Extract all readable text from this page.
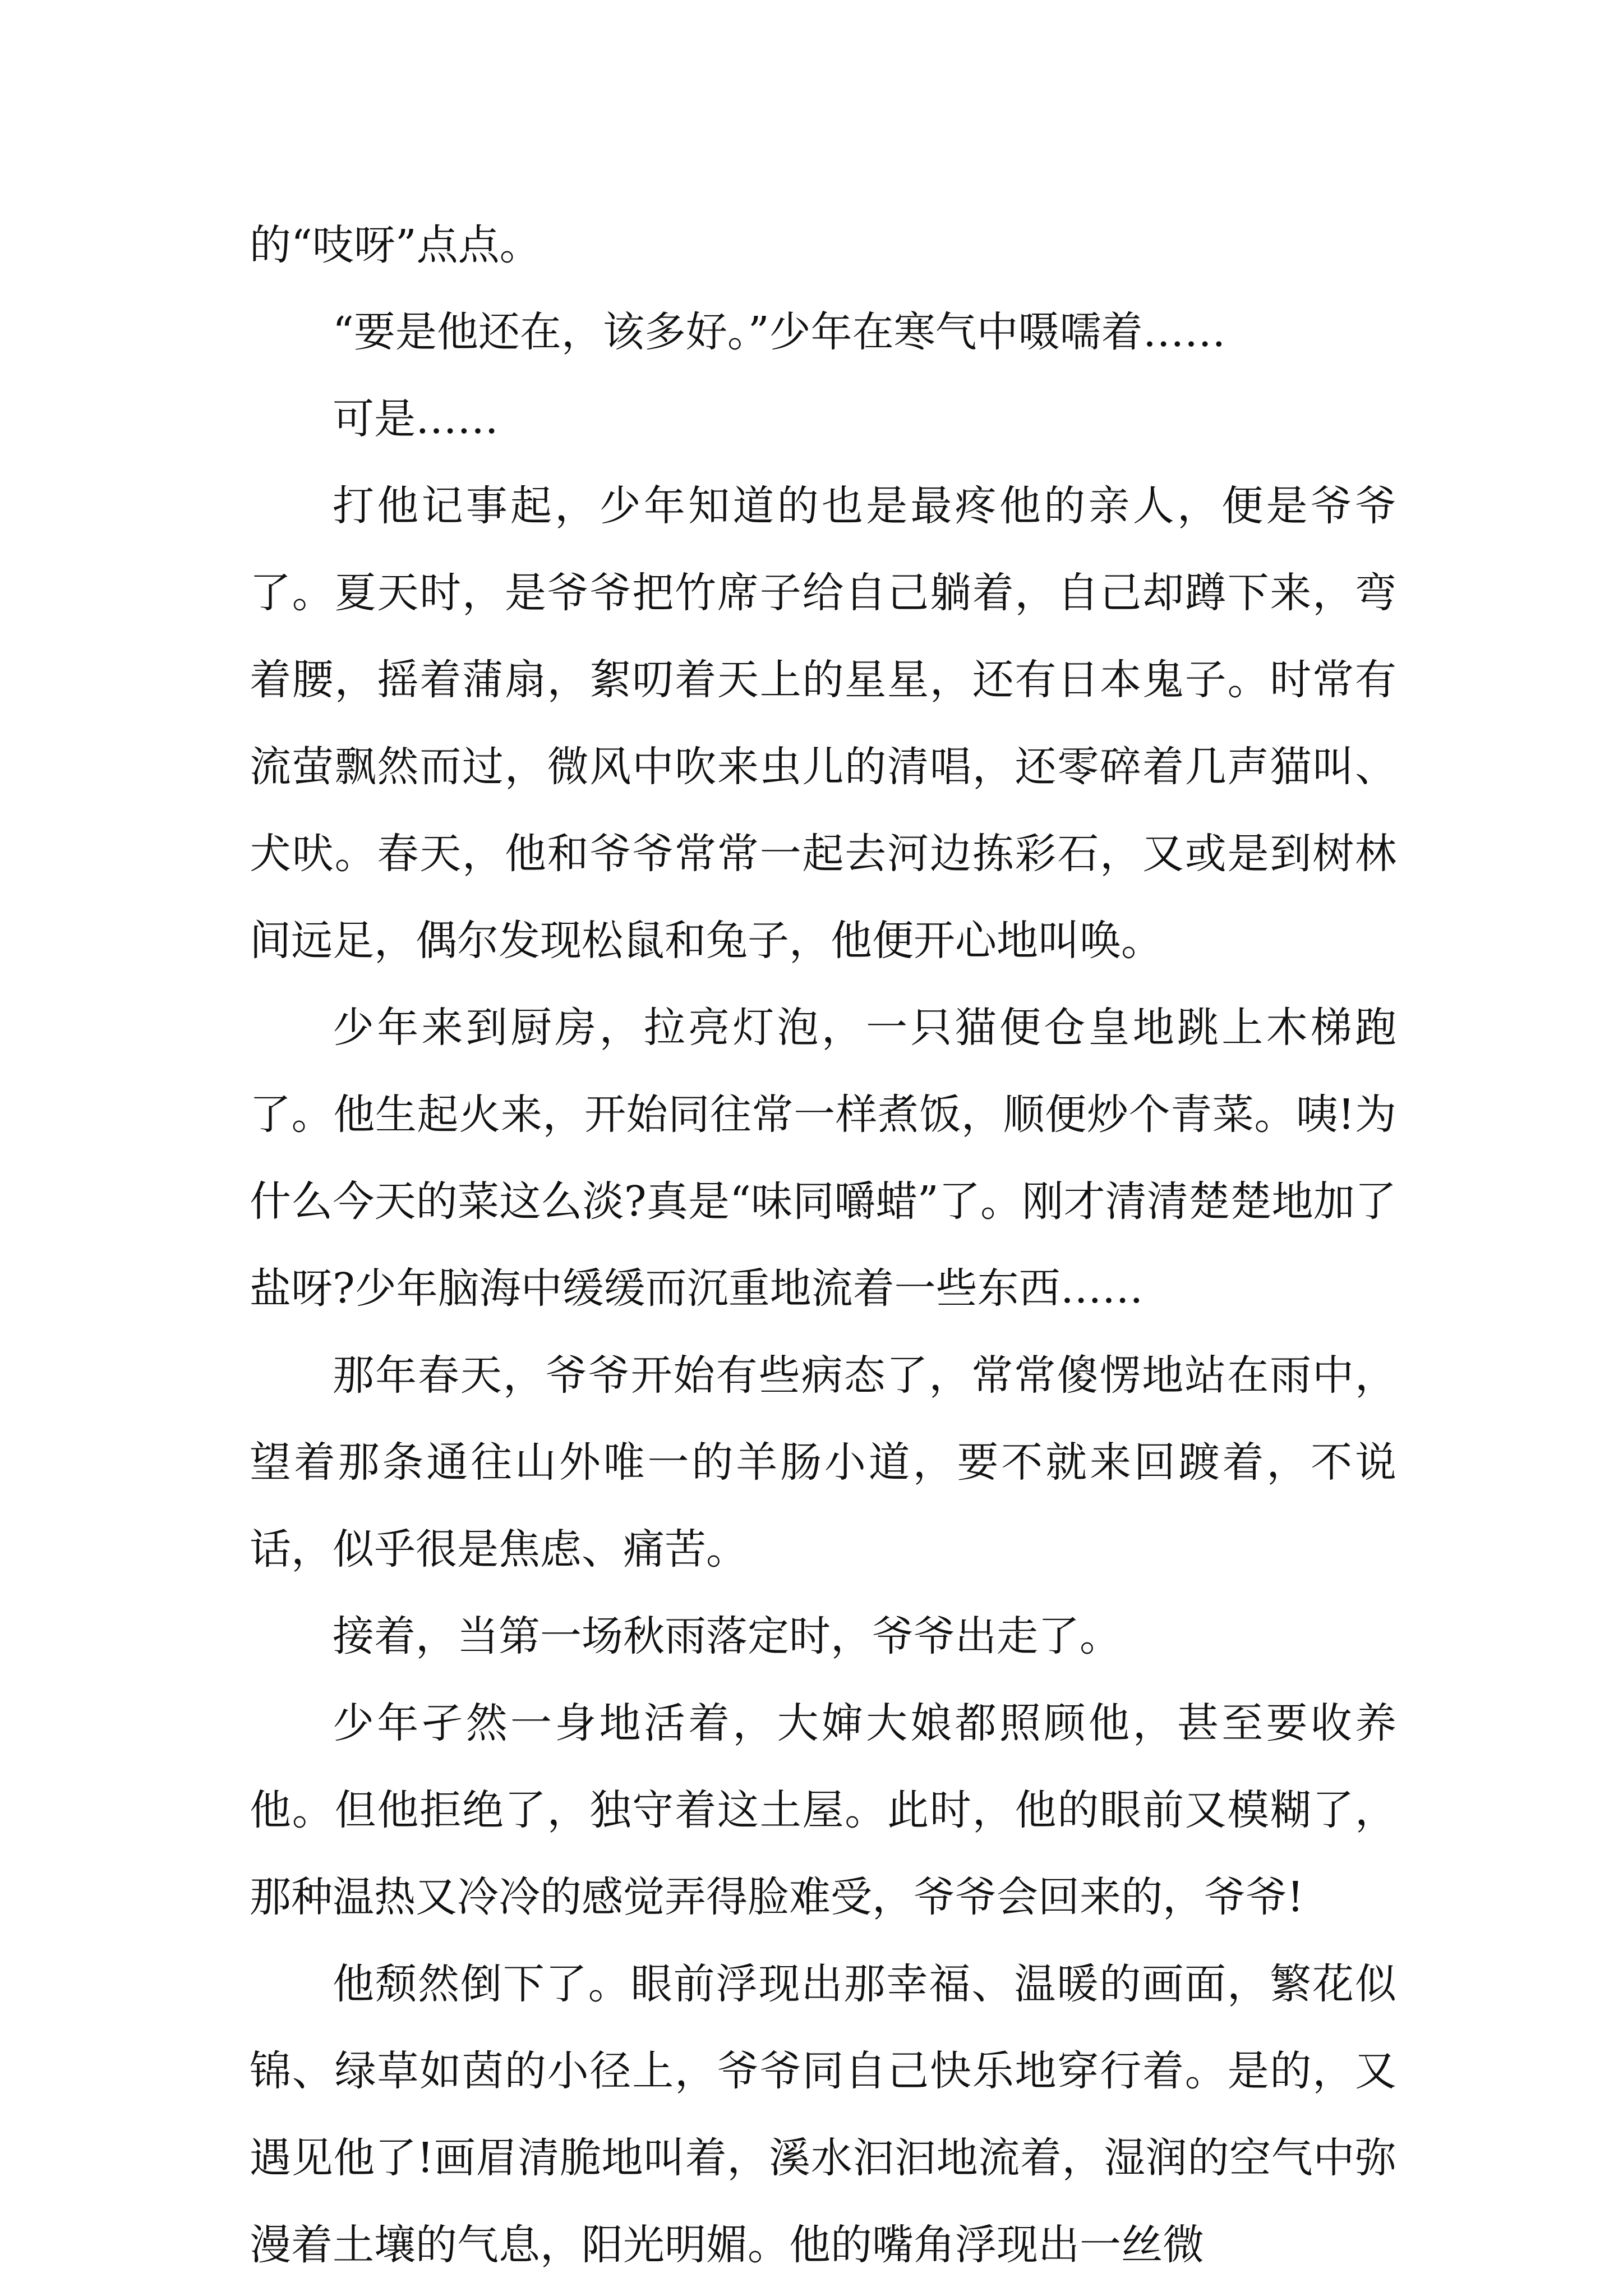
的“吱呀”点点。

“要是他还在，该多好。”少年在寒气中嗫嚅着……

可是……

打他记事起，少年知道的也是最疼他的亲人，便是爷爷了。夏天时，是爷爷把竹席子给自己躺着，自己却蹲下来，弯着腰，摇着蒲扇，絮叨着天上的星星，还有日本鬼子。时常有流萤飘然而过，微风中吹来虫儿的清唱，还零碎着几声猫叫、犬吠。春天，他和爷爷常常一起去河边拣彩石，又或是到树林间远足，偶尔发现松鼠和兔子，他便开心地叫唤。

少年来到厨房，拉亮灯泡，一只猫便仓皇地跳上木梯跑了。他生起火来，开始同往常一样煮饭，顺便炒个青菜。咦!为什么今天的菜这么淡?真是“味同嚼蜡”了。刚才清清楚楚地加了盐呀?少年脑海中缓缓而沉重地流着一些东西……

那年春天，爷爷开始有些病态了，常常傻愣地站在雨中，望着那条通往山外唯一的羊肠小道，要不就来回踱着，不说话，似乎很是焦虑、痛苦。

接着，当第一场秋雨落定时，爷爷出走了。

少年孑然一身地活着，大婶大娘都照顾他，甚至要收养他。但他拒绝了，独守着这土屋。此时，他的眼前又模糊了，那种温热又冷冷的感觉弄得脸难受，爷爷会回来的，爷爷!

他颓然倒下了。眼前浮现出那幸福、温暖的画面，繁花似锦、绿草如茵的小径上，爷爷同自己快乐地穿行着。是的，又遇见他了!画眉清脆地叫着，溪水汩汩地流着，湿润的空气中弥漫着土壤的气息，阳光明媚。他的嘴角浮现出一丝微
